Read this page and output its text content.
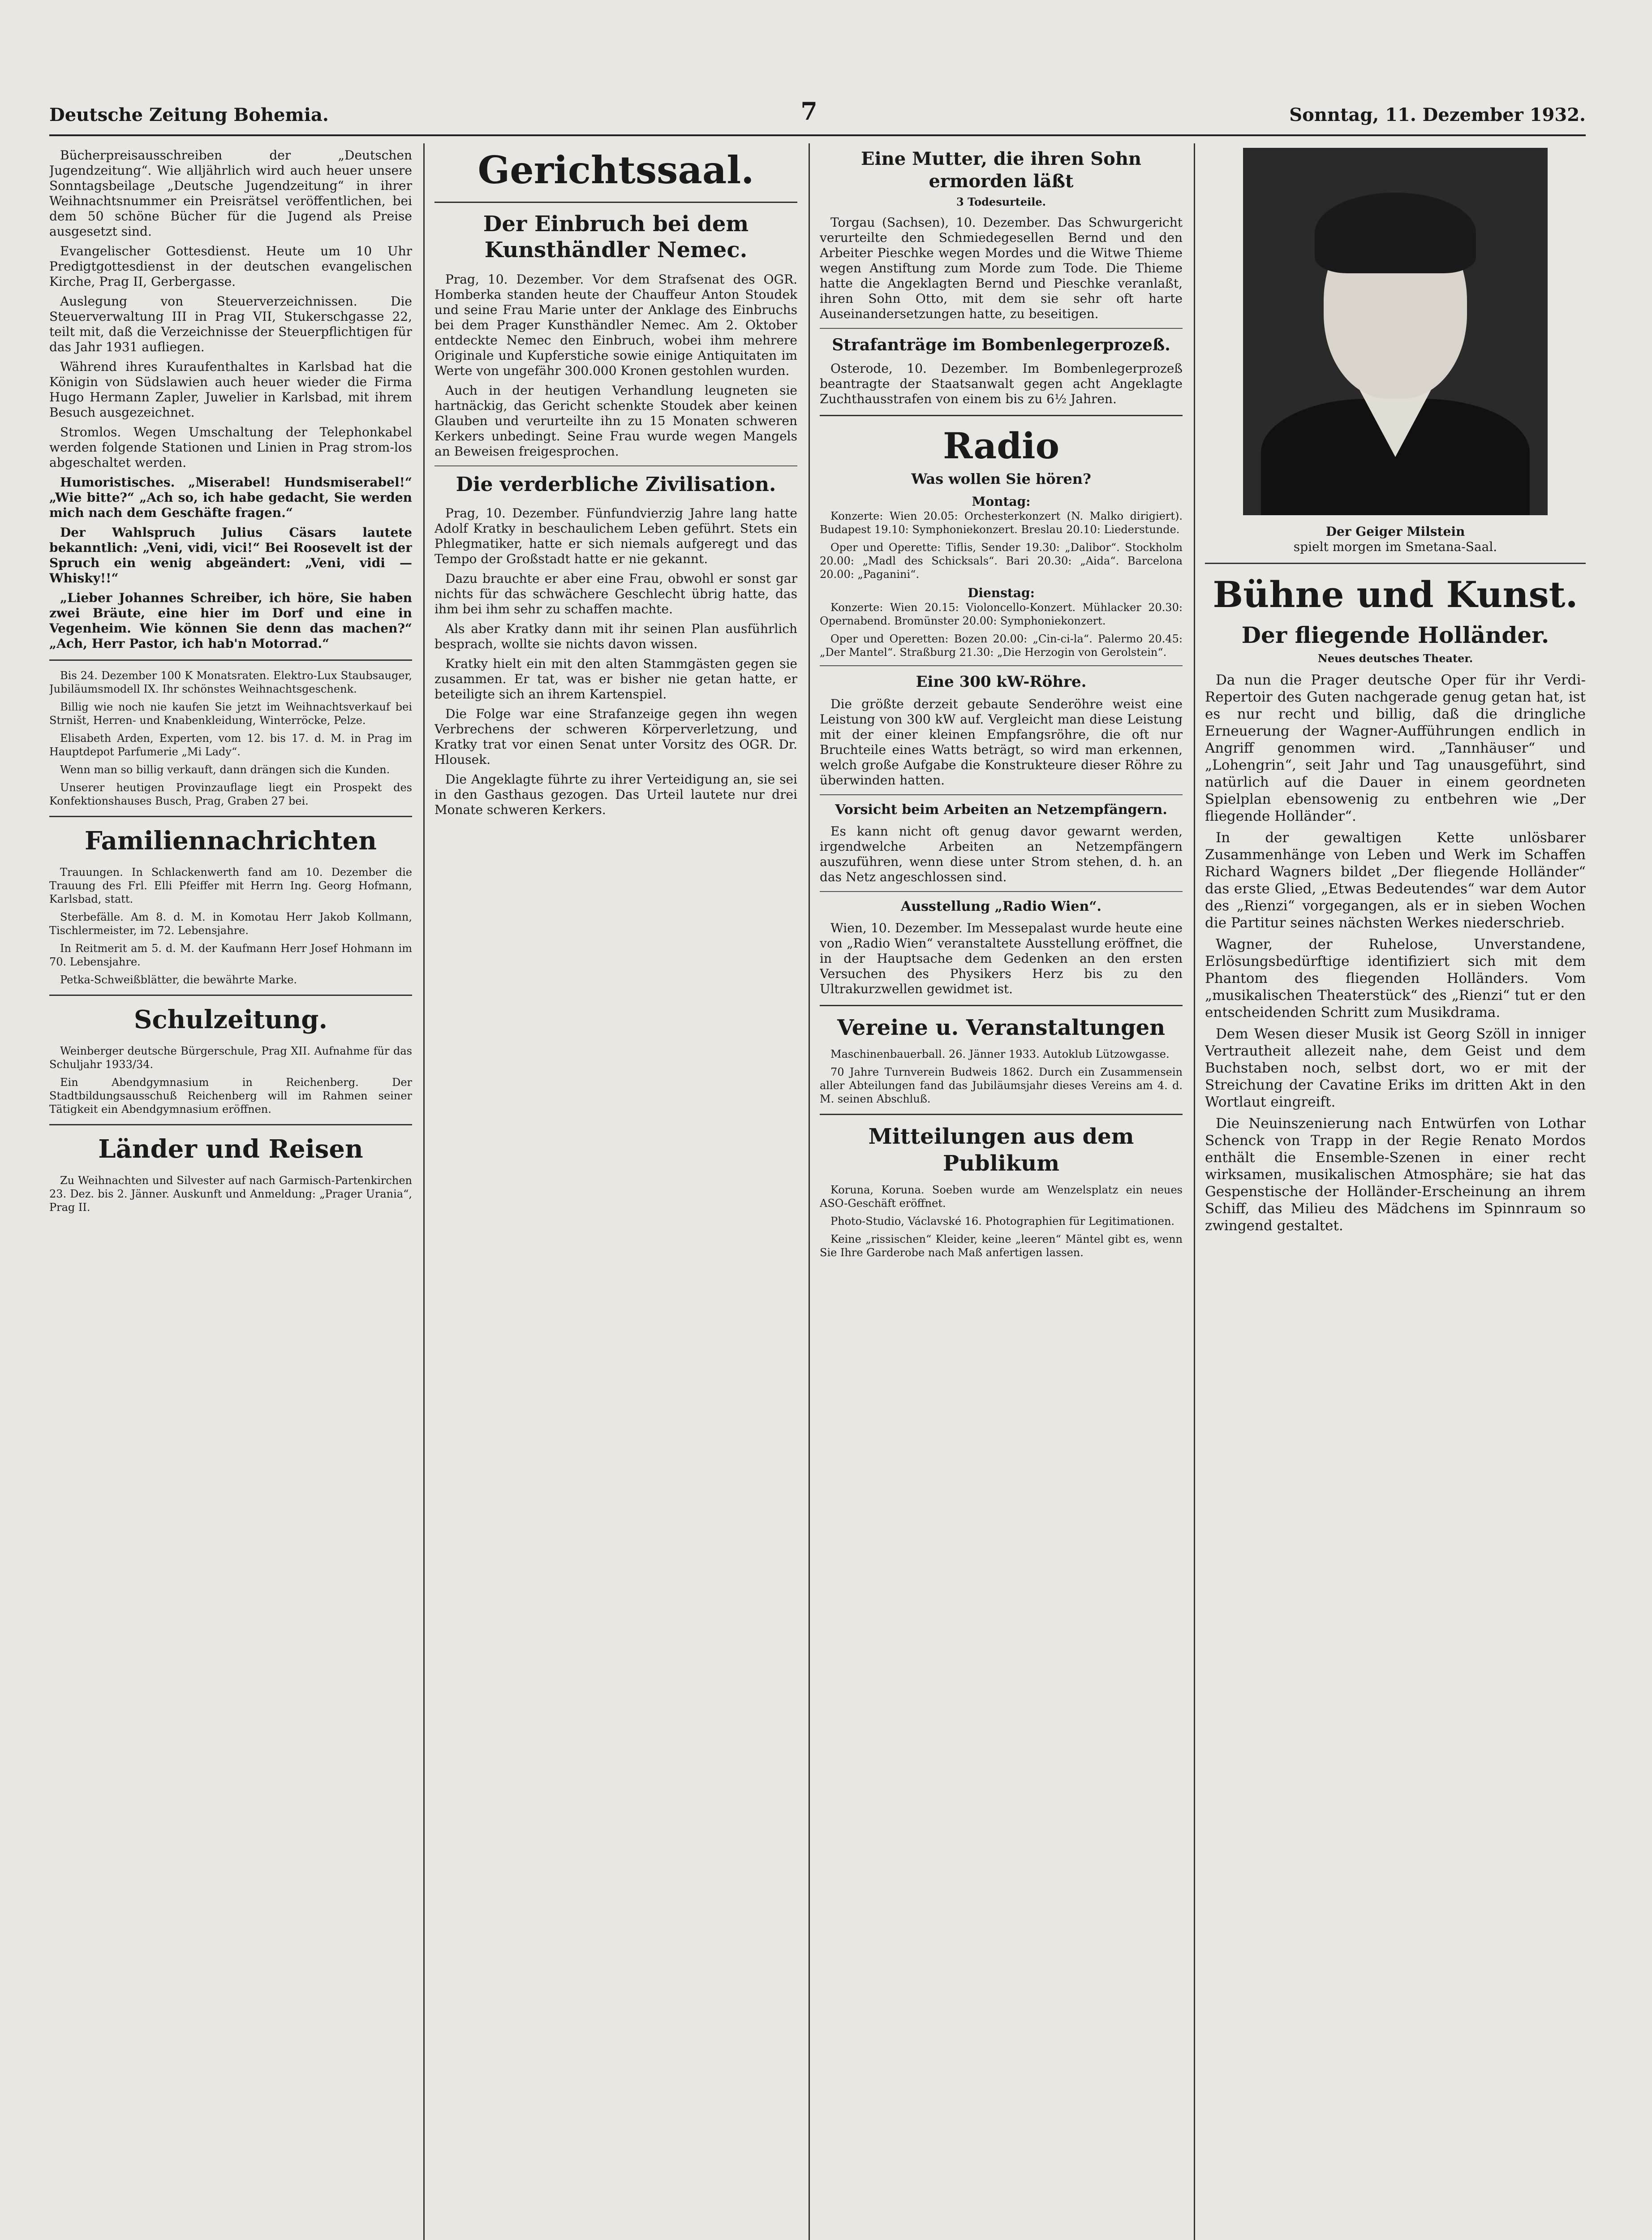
Deutsche Zeitung Bohemia.	7	Sonntag, 11. Dezember 1932.

Bücherpreisausschreiben der „Deutschen Jugendzeitung“. Wie alljährlich wird auch heuer unsere Sonntagsbeilage „Deutsche Jugendzeitung“ in ihrer Weihnachtsnummer ein Preisrätsel veröffentlichen, bei dem 50 schöne Bücher für die Jugend als Preise ausgesetzt sind.

Evangelischer Gottesdienst. Heute um 10 Uhr Predigtgottesdienst in der deutschen evangelischen Kirche, Prag II, Gerbergasse.

Auslegung von Steuerverzeichnissen. Die Steuerverwaltung III in Prag VII, Stukerschgasse 22, teilt mit, daß die Verzeichnisse der Steuerpflichtigen für das Jahr 1931 aufliegen.

Während ihres Kuraufenthaltes in Karlsbad hat die Königin von Südslawien auch heuer wieder die Firma Hugo Hermann Zapler, Juwelier in Karlsbad, mit ihrem Besuch ausgezeichnet.

Stromlos. Wegen Umschaltung der Telephonkabel werden folgende Stationen und Linien in Prag strom-los abgeschaltet werden.

Humoristisches. „Miserabel! Hundsmiserabel!“ „Wie bitte?“ „Ach so, ich habe gedacht, Sie werden mich nach dem Geschäfte fragen.“

Der Wahlspruch Julius Cäsars lautete bekanntlich: „Veni, vidi, vici!“ Bei Roosevelt ist der Spruch ein wenig abgeändert: „Veni, vidi — Whisky!!“

„Lieber Johannes Schreiber, ich höre, Sie haben zwei Bräute, eine hier im Dorf und eine in Vegenheim. Wie können Sie denn das machen?“ „Ach, Herr Pastor, ich hab'n Motorrad.“

Bis 24. Dezember 100 K Monatsraten. Elektro-Lux Staubsauger, Jubiläumsmodell IX. Ihr schönstes Weihnachtsgeschenk.

Billig wie noch nie kaufen Sie jetzt im Weihnachtsverkauf bei Strništ, Herren- und Knabenkleidung, Winterröcke, Pelze.

Elisabeth Arden, Experten, vom 12. bis 17. d. M. in Prag im Hauptdepot Parfumerie „Mi Lady“.

Wenn man so billig verkauft, dann drängen sich die Kunden.

Unserer heutigen Provinzauflage liegt ein Prospekt des Konfektionshauses Busch, Prag, Graben 27 bei.

Familiennachrichten

Trauungen. In Schlackenwerth fand am 10. Dezember die Trauung des Frl. Elli Pfeiffer mit Herrn Ing. Georg Hofmann, Karlsbad, statt.

Sterbefälle. Am 8. d. M. in Komotau Herr Jakob Kollmann, Tischlermeister, im 72. Lebensjahre.

In Reitmerit am 5. d. M. der Kaufmann Herr Josef Hohmann im 70. Lebensjahre.

Petka-Schweißblätter, die bewährte Marke.

Schulzeitung.

Weinberger deutsche Bürgerschule, Prag XII. Aufnahme für das Schuljahr 1933/34.

Ein Abendgymnasium in Reichenberg. Der Stadtbildungsausschuß Reichenberg will im Rahmen seiner Tätigkeit ein Abendgymnasium eröffnen.

Länder und Reisen

Zu Weihnachten und Silvester auf nach Garmisch-Partenkirchen 23. Dez. bis 2. Jänner. Auskunft und Anmeldung: „Prager Urania“, Prag II.

Gerichtssaal.
Der Einbruch bei dem Kunsthändler Nemec.

Prag, 10. Dezember. Vor dem Strafsenat des OGR. Homberka standen heute der Chauffeur Anton Stoudek und seine Frau Marie unter der Anklage des Einbruchs bei dem Prager Kunsthändler Nemec. Am 2. Oktober entdeckte Nemec den Einbruch, wobei ihm mehrere Originale und Kupferstiche sowie einige Antiquitaten im Werte von ungefähr 300.000 Kronen gestohlen wurden.

Auch in der heutigen Verhandlung leugneten sie hartnäckig, das Gericht schenkte Stoudek aber keinen Glauben und verurteilte ihn zu 15 Monaten schweren Kerkers unbedingt. Seine Frau wurde wegen Mangels an Beweisen freigesprochen.

Die verderbliche Zivilisation.

Prag, 10. Dezember. Fünfundvierzig Jahre lang hatte Adolf Kratky in beschaulichem Leben geführt. Stets ein Phlegmatiker, hatte er sich niemals aufgeregt und das Tempo der Großstadt hatte er nie gekannt.

Dazu brauchte er aber eine Frau, obwohl er sonst gar nichts für das schwächere Geschlecht übrig hatte, das ihm bei ihm sehr zu schaffen machte.

Als aber Kratky dann mit ihr seinen Plan ausführlich besprach, wollte sie nichts davon wissen.

Kratky hielt ein mit den alten Stammgästen gegen sie zusammen. Er tat, was er bisher nie getan hatte, er beteiligte sich an ihrem Kartenspiel.

Die Folge war eine Strafanzeige gegen ihn wegen Verbrechens der schweren Körperverletzung, und Kratky trat vor einen Senat unter Vorsitz des OGR. Dr. Hlousek.

Die Angeklagte führte zu ihrer Verteidigung an, sie sei in den Gasthaus gezogen. Das Urteil lautete nur drei Monate schweren Kerkers.

Eine Mutter, die ihren Sohn ermorden läßt
3 Todesurteile.

Torgau (Sachsen), 10. Dezember. Das Schwurgericht verurteilte den Schmiedegesellen Bernd und den Arbeiter Pieschke wegen Mordes und die Witwe Thieme wegen Anstiftung zum Morde zum Tode. Die Thieme hatte die Angeklagten Bernd und Pieschke veranlaßt, ihren Sohn Otto, mit dem sie sehr oft harte Auseinandersetzungen hatte, zu beseitigen.

Strafanträge im Bombenlegerprozeß.

Osterode, 10. Dezember. Im Bombenlegerprozeß beantragte der Staatsanwalt gegen acht Angeklagte Zuchthausstrafen von einem bis zu 6½ Jahren.

Radio
Was wollen Sie hören?
Montag:

Konzerte: Wien 20.05: Orchesterkonzert (N. Malko dirigiert). Budapest 19.10: Symphoniekonzert. Breslau 20.10: Liederstunde.

Oper und Operette: Tiflis, Sender 19.30: „Dalibor“. Stockholm 20.00: „Madl des Schicksals“. Bari 20.30: „Aida“. Barcelona 20.00: „Paganini“.

Dienstag:

Konzerte: Wien 20.15: Violoncello-Konzert. Mühlacker 20.30: Opernabend. Bromünster 20.00: Symphoniekonzert.

Oper und Operetten: Bozen 20.00: „Cin-ci-la“. Palermo 20.45: „Der Mantel“. Straßburg 21.30: „Die Herzogin von Gerolstein“.

Eine 300 kW-Röhre.

Die größte derzeit gebaute Senderöhre weist eine Leistung von 300 kW auf. Vergleicht man diese Leistung mit der einer kleinen Empfangsröhre, die oft nur Bruchteile eines Watts beträgt, so wird man erkennen, welch große Aufgabe die Konstrukteure dieser Röhre zu überwinden hatten.

Vorsicht beim Arbeiten an Netzempfängern.

Es kann nicht oft genug davor gewarnt werden, irgendwelche Arbeiten an Netzempfängern auszuführen, wenn diese unter Strom stehen, d. h. an das Netz angeschlossen sind.

Ausstellung „Radio Wien“.

Wien, 10. Dezember. Im Messepalast wurde heute eine von „Radio Wien“ veranstaltete Ausstellung eröffnet, die in der Hauptsache dem Gedenken an den ersten Versuchen des Physikers Herz bis zu den Ultrakurzwellen gewidmet ist.

Vereine u. Veranstaltungen

Maschinenbauerball. 26. Jänner 1933. Autoklub Lützowgasse.

70 Jahre Turnverein Budweis 1862. Durch ein Zusammensein aller Abteilungen fand das Jubiläumsjahr dieses Vereins am 4. d. M. seinen Abschluß.

Mitteilungen aus dem Publikum

Koruna, Koruna. Soeben wurde am Wenzelsplatz ein neues ASO-Geschäft eröffnet.

Photo-Studio, Václavské 16. Photographien für Legitimationen.

Keine „rissischen“ Kleider, keine „leeren“ Mäntel gibt es, wenn Sie Ihre Garderobe nach Maß anfertigen lassen.

Der Geiger Milstein
spielt morgen im Smetana-Saal.
Bühne und Kunst.
Der fliegende Holländer.
Neues deutsches Theater.

Da nun die Prager deutsche Oper für ihr Verdi-Repertoir des Guten nachgerade genug getan hat, ist es nur recht und billig, daß die dringliche Erneuerung der Wagner-Aufführungen endlich in Angriff genommen wird. „Tannhäuser“ und „Lohengrin“, seit Jahr und Tag unausgeführt, sind natürlich auf die Dauer in einem geordneten Spielplan ebensowenig zu entbehren wie „Der fliegende Holländer“.

In der gewaltigen Kette unlösbarer Zusammenhänge von Leben und Werk im Schaffen Richard Wagners bildet „Der fliegende Holländer“ das erste Glied, „Etwas Bedeutendes“ war dem Autor des „Rienzi“ vorgegangen, als er in sieben Wochen die Partitur seines nächsten Werkes niederschrieb.

Wagner, der Ruhelose, Unverstandene, Erlösungsbedürftige identifiziert sich mit dem Phantom des fliegenden Holländers. Vom „musikalischen Theaterstück“ des „Rienzi“ tut er den entscheidenden Schritt zum Musikdrama.

Dem Wesen dieser Musik ist Georg Szöll in inniger Vertrautheit allezeit nahe, dem Geist und dem Buchstaben noch, selbst dort, wo er mit der Streichung der Cavatine Eriks im dritten Akt in den Wortlaut eingreift.

Die Neuinszenierung nach Entwürfen von Lothar Schenck von Trapp in der Regie Renato Mordos enthält die Ensemble-Szenen in einer recht wirksamen, musikalischen Atmosphäre; sie hat das Gespenstische der Holländer-Erscheinung an ihrem Schiff, das Milieu des Mädchens im Spinnraum so zwingend gestaltet.
